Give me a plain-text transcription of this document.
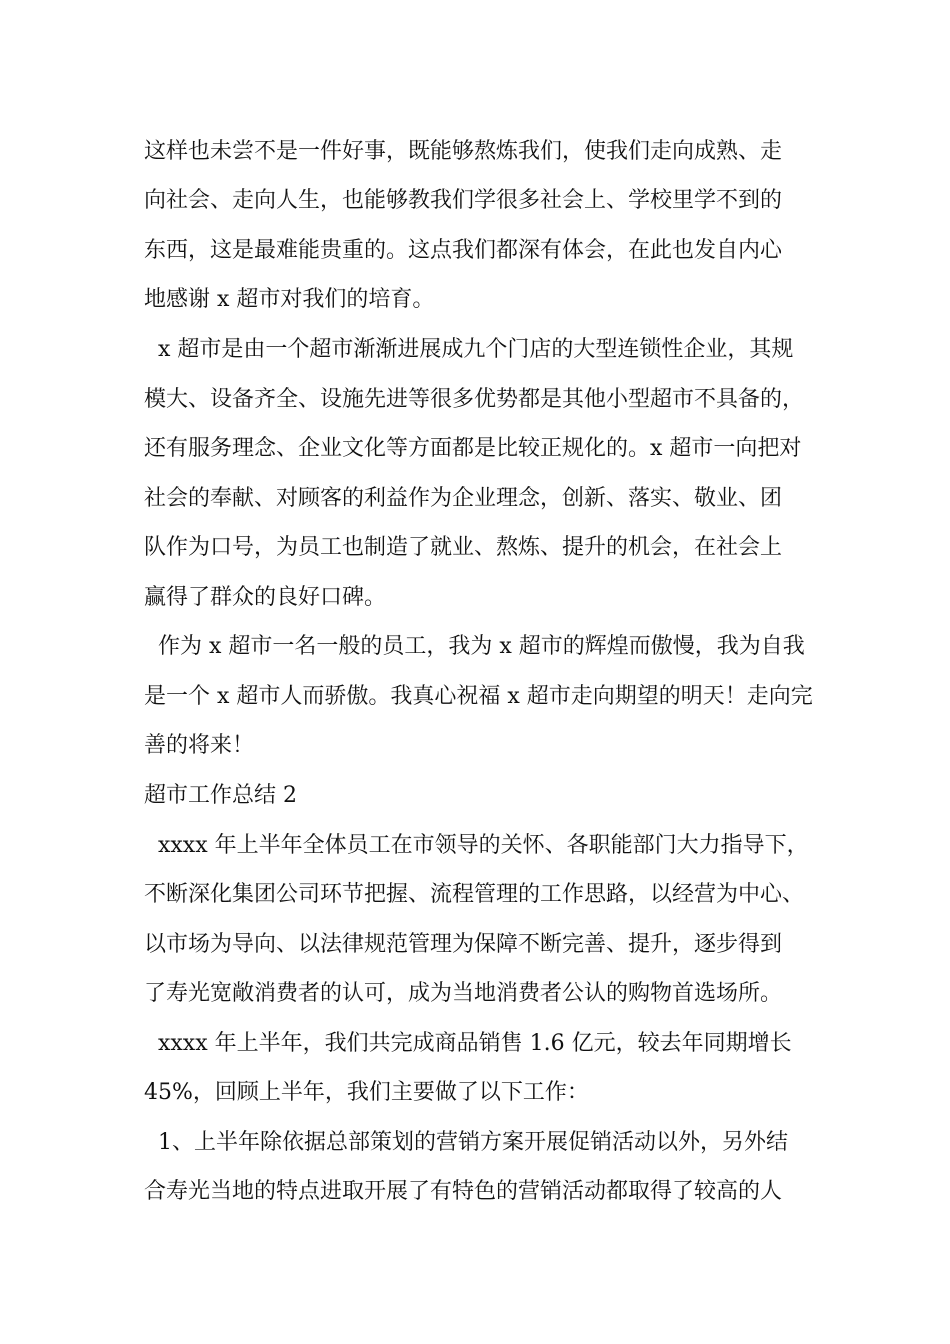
这样也未尝不是一件好事，既能够熬炼我们，使我们走向成熟、走
向社会、走向人生，也能够教我们学很多社会上、学校里学不到的
东西，这是最难能贵重的。这点我们都深有体会，在此也发自内心
地感谢 x 超市对我们的培育。
x 超市是由一个超市渐渐进展成九个门店的大型连锁性企业，其规
模大、设备齐全、设施先进等很多优势都是其他小型超市不具备的，
还有服务理念、企业文化等方面都是比较正规化的。x 超市一向把对
社会的奉献、对顾客的利益作为企业理念，创新、落实、敬业、团
队作为口号，为员工也制造了就业、熬炼、提升的机会，在社会上
赢得了群众的良好口碑。
作为 x 超市一名一般的员工，我为 x 超市的辉煌而傲慢，我为自我
是一个 x 超市人而骄傲。我真心祝福 x 超市走向期望的明天！走向完
善的将来！
超市工作总结 2
xxxx 年上半年全体员工在市领导的关怀、各职能部门大力指导下，
不断深化集团公司环节把握、流程管理的工作思路，以经营为中心、
以市场为导向、以法律规范管理为保障不断完善、提升，逐步得到
了寿光宽敞消费者的认可，成为当地消费者公认的购物首选场所。
xxxx 年上半年，我们共完成商品销售 1.6 亿元，较去年同期增长
45%，回顾上半年，我们主要做了以下工作：
1、上半年除依据总部策划的营销方案开展促销活动以外，另外结
合寿光当地的特点进取开展了有特色的营销活动都取得了较高的人
